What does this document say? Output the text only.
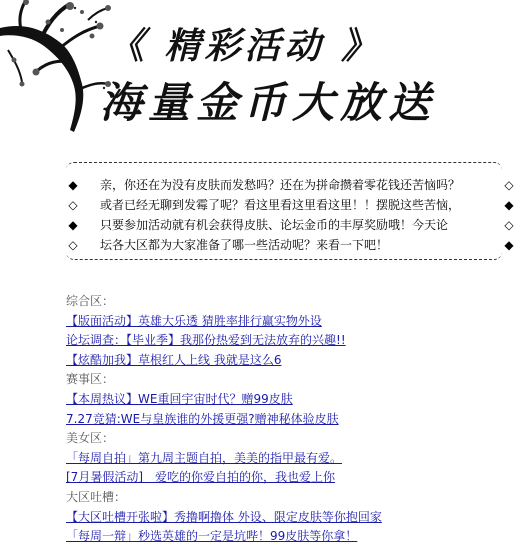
《 精彩活动 》
海量金币大放送
◆ 亲，你还在为没有皮肤而发愁吗？还在为拼命攒着零花钱还苦恼吗？	◇
◇ 或者已经无聊到发霉了呢？看这里看这里看这里！！摆脱这些苦恼，	◆
◆ 只要参加活动就有机会获得皮肤、论坛金币的丰厚奖励哦！今天论	◇
◇ 坛各大区都为大家准备了哪一些活动呢？来看一下吧！	◆
综合区：
【版面活动】英雄大乐透 猜胜率排行赢实物外设
论坛调查：【毕业季】我那份热爱到无法放弃的兴趣!!
【炫酷加我】草根红人上线 我就是这么6
赛事区：
【本周热议】WE重回宇宙时代？赠99皮肤
7.27竞猜:WE与皇族谁的外援更强?赠神秘体验皮肤
美女区：
「每周自拍」第九周主题自拍，美美的指甲最有爱。
[7月暑假活动]　爱吃的你爱自拍的你，我也爱上你
大区吐槽：
【大区吐槽开张啦】秀撸啊撸体 外设、限定皮肤等你抱回家
「每周一辩」秒选英雄的一定是坑哔！99皮肤等你拿！
